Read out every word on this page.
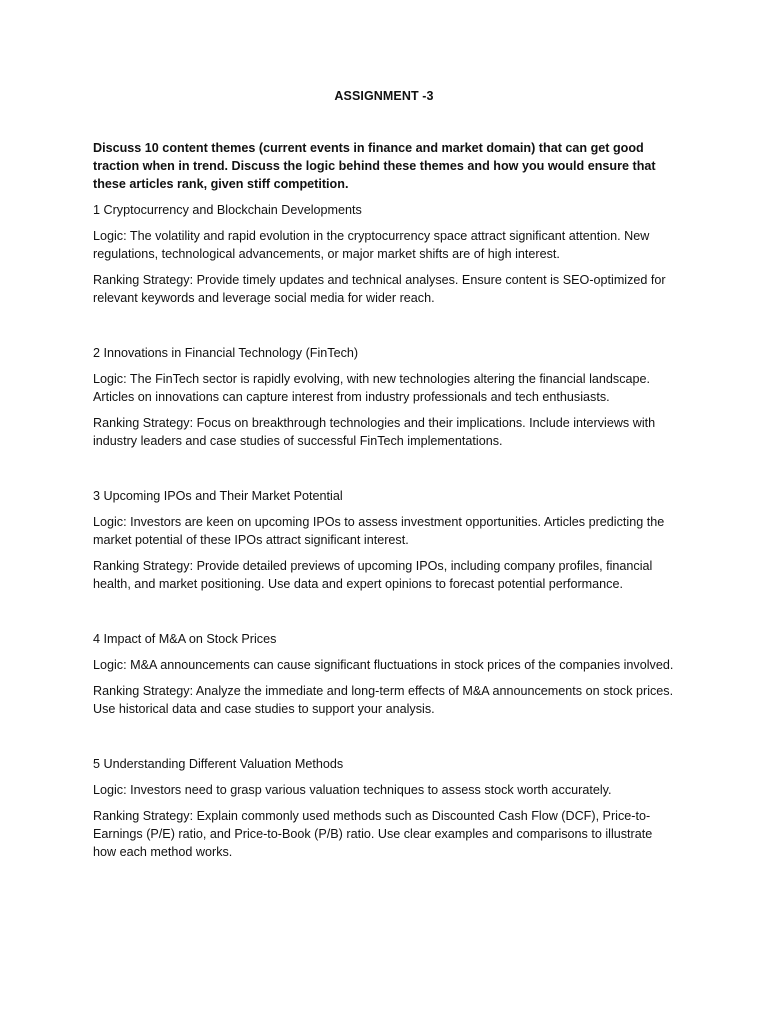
ASSIGNMENT -3

Discuss 10 content themes (current events in finance and market domain) that can get good traction when in trend. Discuss the logic behind these themes and how you would ensure that these articles rank, given stiff competition.

1 Cryptocurrency and Blockchain Developments

Logic: The volatility and rapid evolution in the cryptocurrency space attract significant attention. New regulations, technological advancements, or major market shifts are of high interest.

Ranking Strategy: Provide timely updates and technical analyses. Ensure content is SEO-optimized for relevant keywords and leverage social media for wider reach.

2 Innovations in Financial Technology (FinTech)

Logic: The FinTech sector is rapidly evolving, with new technologies altering the financial landscape. Articles on innovations can capture interest from industry professionals and tech enthusiasts.

Ranking Strategy: Focus on breakthrough technologies and their implications. Include interviews with industry leaders and case studies of successful FinTech implementations.

3 Upcoming IPOs and Their Market Potential

Logic: Investors are keen on upcoming IPOs to assess investment opportunities. Articles predicting the market potential of these IPOs attract significant interest.

Ranking Strategy: Provide detailed previews of upcoming IPOs, including company profiles, financial health, and market positioning. Use data and expert opinions to forecast potential performance.

4 Impact of M&A on Stock Prices

Logic: M&A announcements can cause significant fluctuations in stock prices of the companies involved.

Ranking Strategy: Analyze the immediate and long-term effects of M&A announcements on stock prices. Use historical data and case studies to support your analysis.

5 Understanding Different Valuation Methods

Logic: Investors need to grasp various valuation techniques to assess stock worth accurately.

Ranking Strategy: Explain commonly used methods such as Discounted Cash Flow (DCF), Price-to-Earnings (P/E) ratio, and Price-to-Book (P/B) ratio. Use clear examples and comparisons to illustrate how each method works.
